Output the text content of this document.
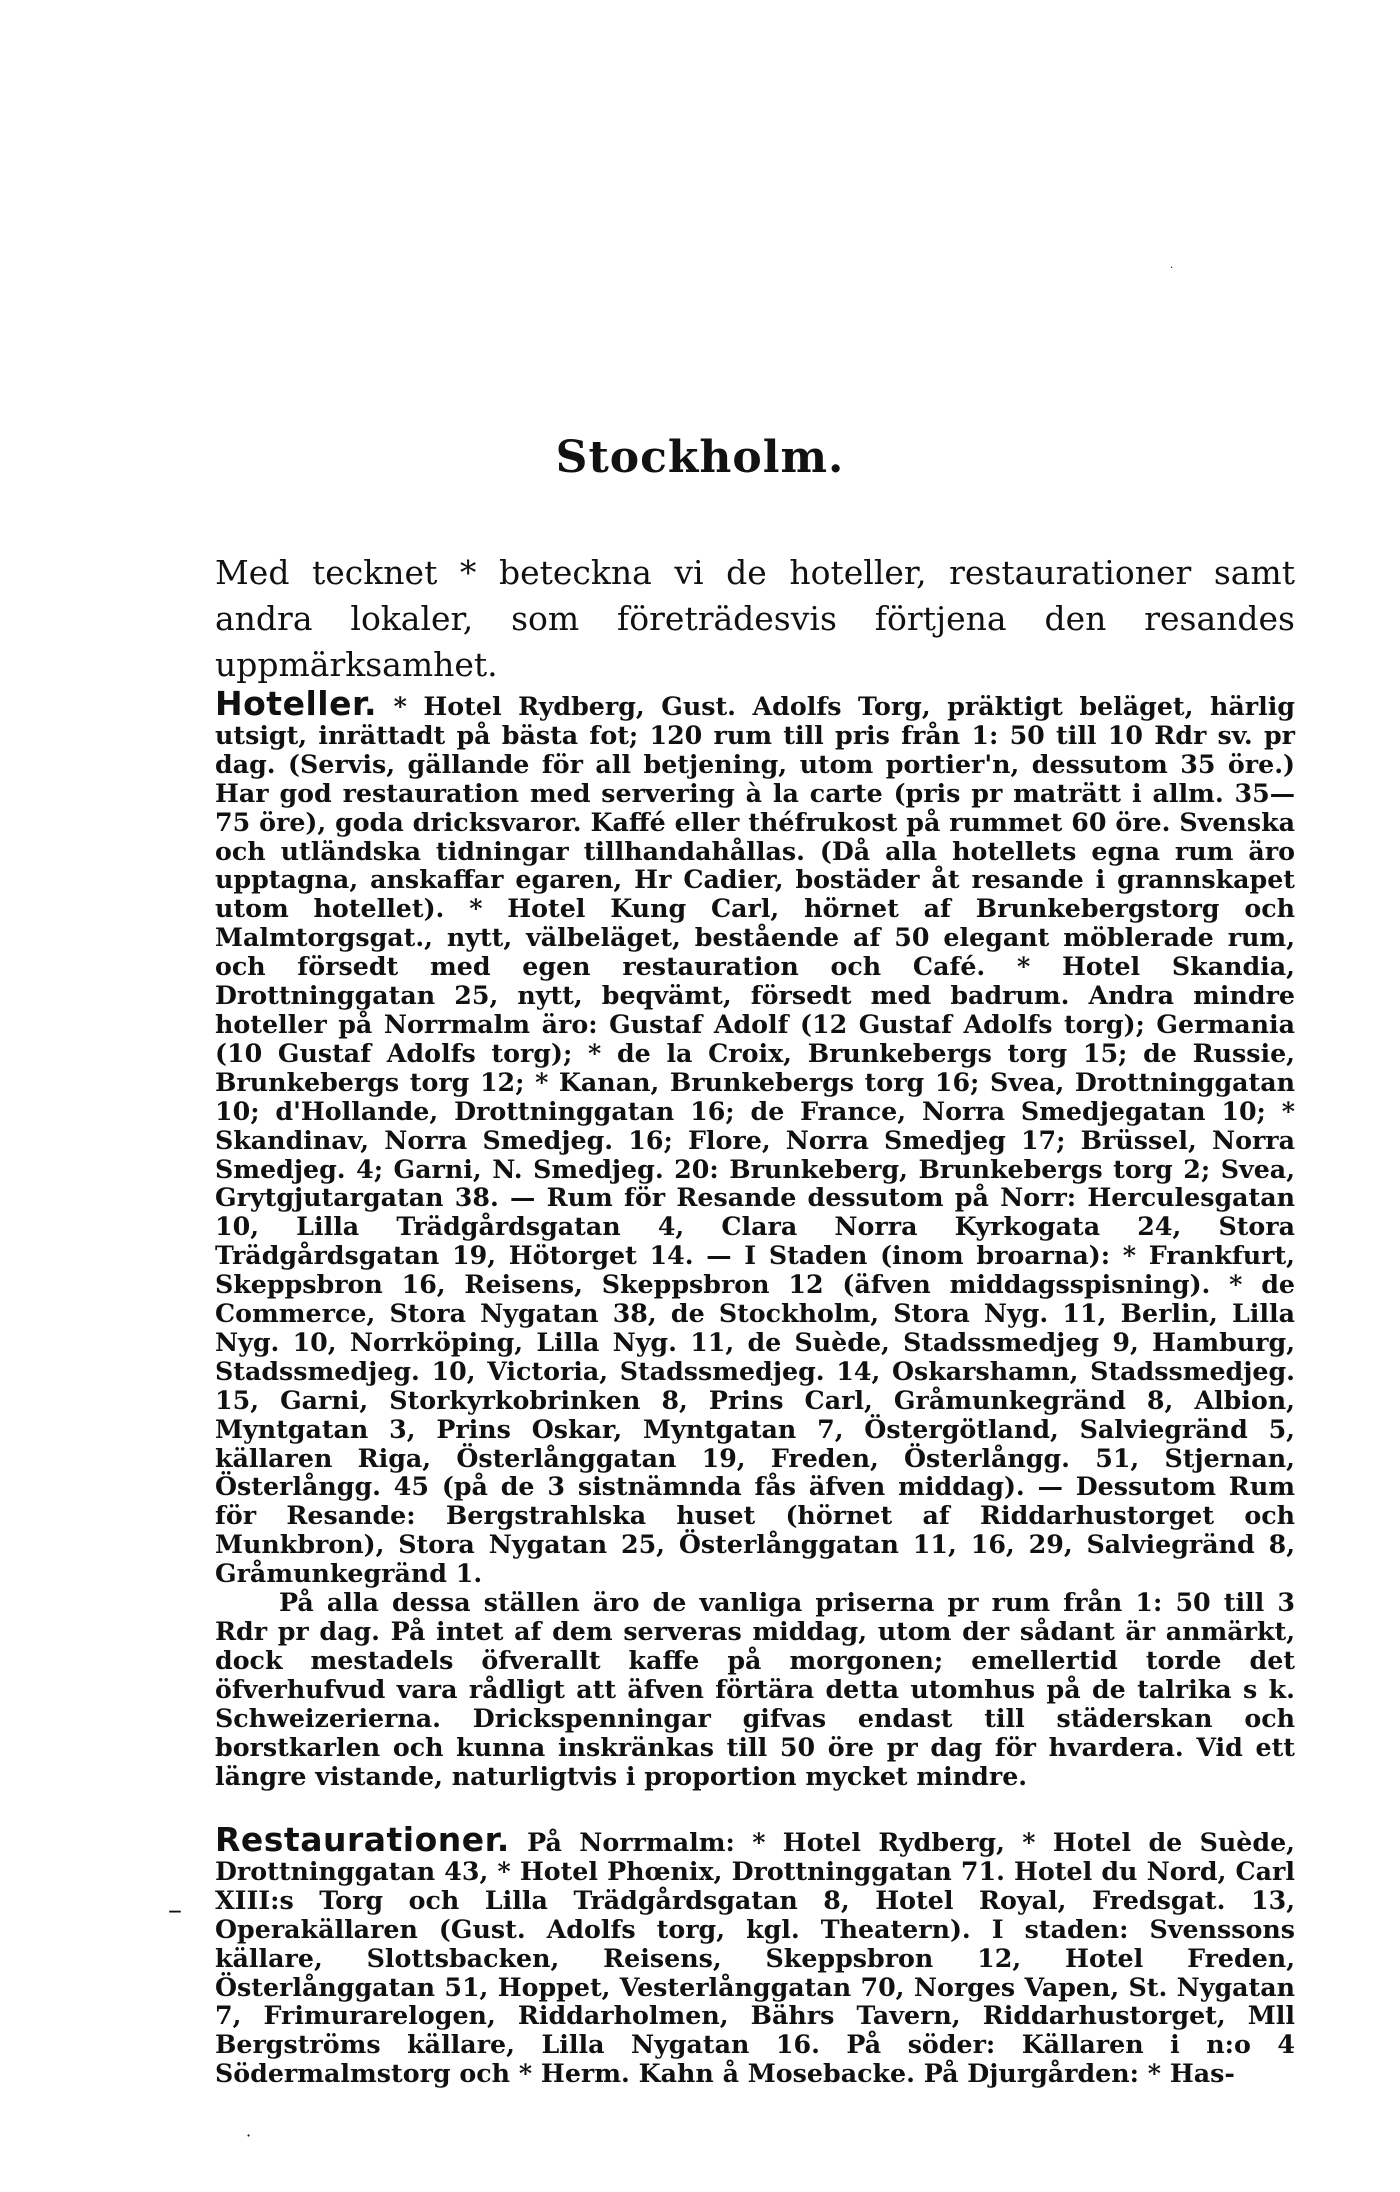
·
Stockholm.
Med tecknet * beteckna vi de hoteller, restaurationer samt andra lokaler, som företrädesvis förtjena den resandes uppmärksamhet.

Hoteller. * Hotel Rydberg, Gust. Adolfs Torg, präktigt beläget, härlig utsigt, inrättadt på bästa fot; 120 rum till pris från 1: 50 till 10 Rdr sv. pr dag. (Servis, gällande för all betjening, utom portier'n, dessutom 35 öre.) Har god restauration med servering à la carte (pris pr maträtt i allm. 35—75 öre), goda dricksvaror. Kaffé eller théfrukost på rummet 60 öre. Svenska och utländska tidningar tillhandahållas. (Då alla hotellets egna rum äro upptagna, anskaffar egaren, Hr Cadier, bostäder åt resande i grannskapet utom hotellet). * Hotel Kung Carl, hörnet af Brunkebergstorg och Malmtorgsgat., nytt, välbeläget, bestående af 50 elegant möblerade rum, och försedt med egen restauration och Café. * Hotel Skandia, Drottninggatan 25, nytt, beqvämt, försedt med badrum. Andra mindre hoteller på Norrmalm äro: Gustaf Adolf (12 Gustaf Adolfs torg); Germania (10 Gustaf Adolfs torg); * de la Croix, Brunkebergs torg 15; de Russie, Brunkebergs torg 12; * Kanan, Brunkebergs torg 16; Svea, Drottninggatan 10; d'Hollande, Drottninggatan 16; de France, Norra Smedjegatan 10; * Skandinav, Norra Smedjeg. 16; Flore, Norra Smedjeg 17; Brüssel, Norra Smedjeg. 4; Garni, N. Smedjeg. 20: Brunkeberg, Brunkebergs torg 2; Svea, Grytgjutargatan 38. — Rum för Resande dessutom på Norr: Herculesgatan 10, Lilla Trädgårdsgatan 4, Clara Norra Kyrkogata 24, Stora Trädgårdsgatan 19, Hötorget 14. — I Staden (inom broarna): * Frankfurt, Skeppsbron 16, Reisens, Skeppsbron 12 (äfven middagsspisning). * de Commerce, Stora Nygatan 38, de Stockholm, Stora Nyg. 11, Berlin, Lilla Nyg. 10, Norrköping, Lilla Nyg. 11, de Suède, Stadssmedjeg 9, Hamburg, Stadssmedjeg. 10, Victoria, Stadssmedjeg. 14, Oskarshamn, Stadssmedjeg. 15, Garni, Storkyrkobrinken 8, Prins Carl, Gråmunkegränd 8, Albion, Myntgatan 3, Prins Oskar, Myntgatan 7, Östergötland, Salviegränd 5, källaren Riga, Österlånggatan 19, Freden, Österlångg. 51, Stjernan, Österlångg. 45 (på de 3 sistnämnda fås äfven middag). — Dessutom Rum för Resande: Bergstrahlska huset (hörnet af Riddarhustorget och Munkbron), Stora Nygatan 25, Österlånggatan 11, 16, 29, Salviegränd 8, Gråmunkegränd 1.

På alla dessa ställen äro de vanliga priserna pr rum från 1: 50 till 3 Rdr pr dag. På intet af dem serveras middag, utom der sådant är anmärkt, dock mestadels öfverallt kaffe på morgonen; emellertid torde det öfverhufvud vara rådligt att äfven förtära detta utomhus på de talrika s k. Schweizerierna. Drickspenningar gifvas endast till städerskan och borstkarlen och kunna inskränkas till 50 öre pr dag för hvardera. Vid ett längre vistande, naturligtvis i proportion mycket mindre.

Restaurationer. På Norrmalm: * Hotel Rydberg, * Hotel de Suède, Drottninggatan 43, * Hotel Phœnix, Drottninggatan 71. Hotel du Nord, Carl XIII:s Torg och Lilla Trädgårdsgatan 8, Hotel Royal, Fredsgat. 13, Operakällaren (Gust. Adolfs torg, kgl. Theatern). I staden: Svenssons källare, Slottsbacken, Reisens, Skeppsbron 12, Hotel Freden, Österlånggatan 51, Hoppet, Vesterlånggatan 70, Norges Vapen, St. Nygatan 7, Frimurarelogen, Riddarholmen, Bährs Tavern, Riddarhustorget, Mll Bergströms källare, Lilla Nygatan 16. På söder: Källaren i n:o 4 Södermalmstorg och * Herm. Kahn å Mosebacke. På Djurgården: * Has-

–
·
